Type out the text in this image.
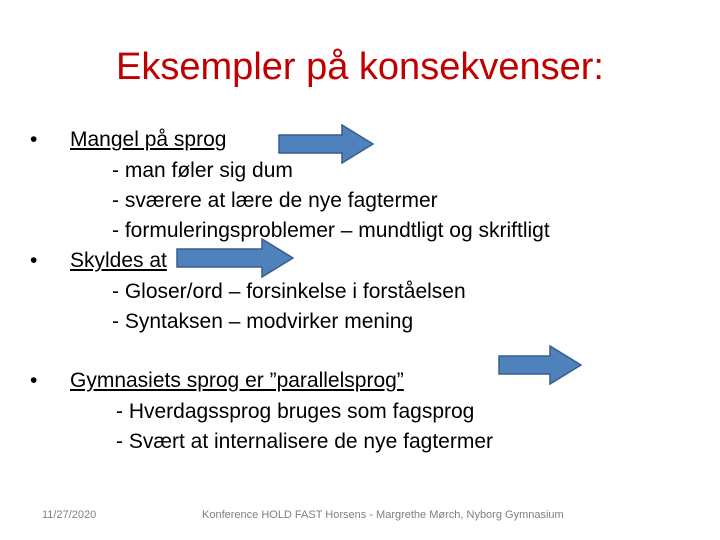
Eksempler på konsekvenser:
• Mangel på sprog
- man føler sig dum
- sværere at lære de nye fagtermer
- formuleringsproblemer – mundtligt og skriftligt
• Skyldes at
- Gloser/ord – forsinkelse i forståelsen
- Syntaksen – modvirker mening
• Gymnasiets sprog er ”parallelsprog”
- Hverdagssprog bruges som fagsprog
- Svært at internalisere de nye fagtermer
11/27/2020	Konference HOLD FAST Horsens - Margrethe Mørch, Nyborg Gymnasium
